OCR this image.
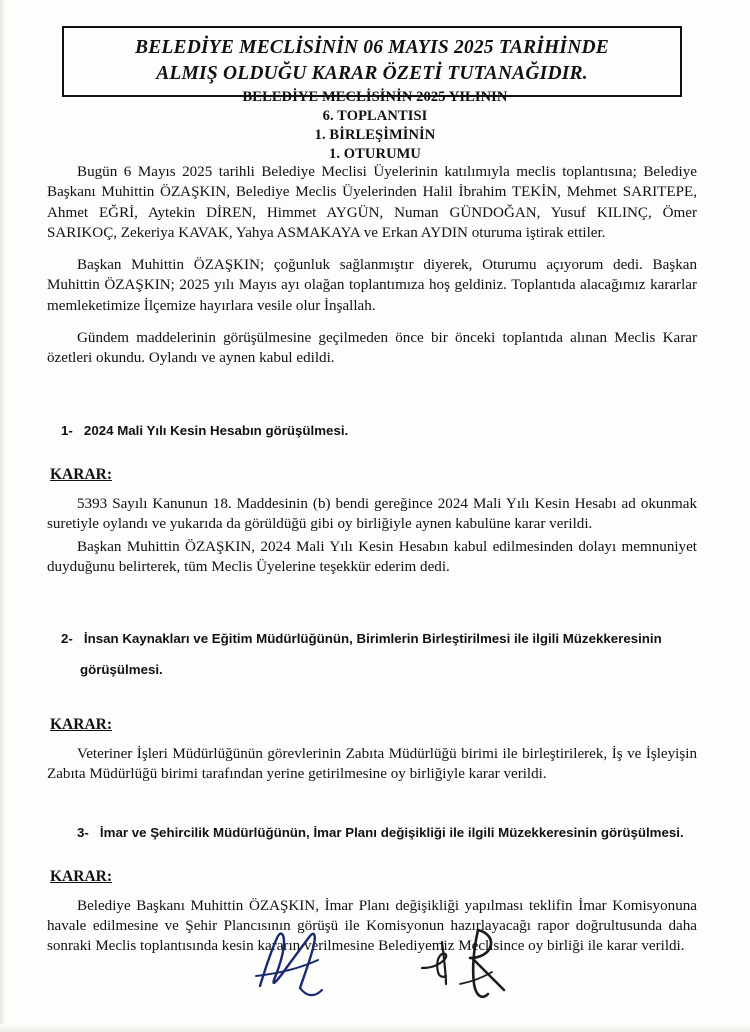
BELEDİYE MECLİSİNİN 06 MAYIS 2025 TARİHİNDE
ALMIŞ OLDUĞU KARAR ÖZETİ TUTANAĞIDIR.
BELEDİYE MECLİSİNİN 2025 YILININ
6. TOPLANTISI
1. BİRLEŞİMİNİN
1. OTURUMU

Bugün 6 Mayıs 2025 tarihli Belediye Meclisi Üyelerinin katılımıyla meclis toplantısına; Belediye Başkanı Muhittin ÖZAŞKIN, Belediye Meclis Üyelerinden Halil İbrahim TEKİN, Mehmet SARITEPE, Ahmet EĞRİ, Aytekin DİREN, Himmet AYGÜN, Numan GÜNDOĞAN, Yusuf KILINÇ, Ömer SARIKOÇ, Zekeriya KAVAK, Yahya ASMAKAYA ve Erkan AYDIN oturuma iştirak ettiler.

Başkan Muhittin ÖZAŞKIN; çoğunluk sağlanmıştır diyerek, Oturumu açıyorum dedi. Başkan Muhittin ÖZAŞKIN; 2025 yılı Mayıs ayı olağan toplantımıza hoş geldiniz. Toplantıda alacağımız kararlar memleketimize İlçemize hayırlara vesile olur İnşallah.

Gündem maddelerinin görüşülmesine geçilmeden önce bir önceki toplantıda alınan Meclis Karar özetleri okundu. Oylandı ve aynen kabul edildi.

1- 2024 Mali Yılı Kesin Hesabın görüşülmesi.

KARAR:

5393 Sayılı Kanunun 18. Maddesinin (b) bendi gereğince 2024 Mali Yılı Kesin Hesabı ad okunmak suretiyle oylandı ve yukarıda da görüldüğü gibi oy birliğiyle aynen kabulüne karar verildi.

Başkan Muhittin ÖZAŞKIN, 2024 Mali Yılı Kesin Hesabın kabul edilmesinden dolayı memnuniyet duyduğunu belirterek, tüm Meclis Üyelerine teşekkür ederim dedi.

2- İnsan Kaynakları ve Eğitim Müdürlüğünün, Birimlerin Birleştirilmesi ile ilgili Müzekkeresinin

görüşülmesi.

KARAR:

Veteriner İşleri Müdürlüğünün görevlerinin Zabıta Müdürlüğü birimi ile birleştirilerek, İş ve İşleyişin Zabıta Müdürlüğü birimi tarafından yerine getirilmesine oy birliğiyle karar verildi.

3- İmar ve Şehircilik Müdürlüğünün, İmar Planı değişikliği ile ilgili Müzekkeresinin görüşülmesi.

KARAR:

Belediye Başkanı Muhittin ÖZAŞKIN, İmar Planı değişikliği yapılması teklifin İmar Komisyonuna havale edilmesine ve Şehir Plancısının görüşü ile Komisyonun hazırlayacağı rapor doğrultusunda daha sonraki Meclis toplantısında kesin kararın verilmesine Belediyemiz Meclisince oy birliği ile karar verildi.
